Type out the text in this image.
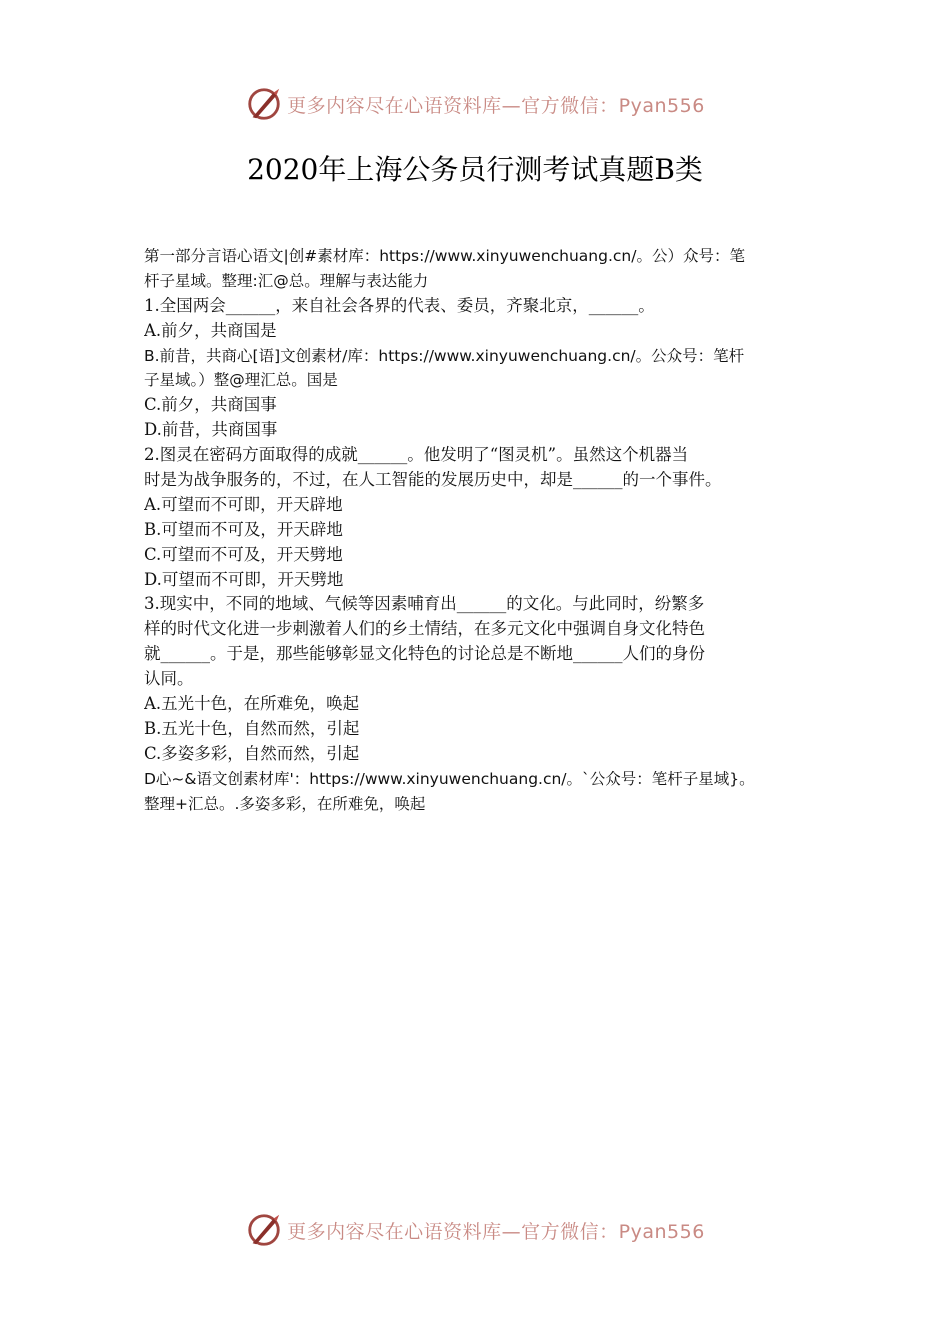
更多内容尽在心语资料库—官方微信：Pyan556
2020年上海公务员行测考试真题B类
第一部分言语心语文|创#素材库：https://www.xinyuwenchuang.cn/。公）众号：笔
杆子星域。整理:汇@总。理解与表达能力
1.全国两会______，来自社会各界的代表、委员，齐聚北京，______。
A.前夕，共商国是
B.前昔，共商心[语]文创素材/库：https://www.xinyuwenchuang.cn/。公众号：笔杆
子星域。）整@理汇总。国是
C.前夕，共商国事
D.前昔，共商国事
2.图灵在密码方面取得的成就______。他发明了“图灵机”。虽然这个机器当
时是为战争服务的，不过，在人工智能的发展历史中，却是______的一个事件。
A.可望而不可即，开天辟地
B.可望而不可及，开天辟地
C.可望而不可及，开天劈地
D.可望而不可即，开天劈地
3.现实中，不同的地域、气候等因素哺育出______的文化。与此同时，纷繁多
样的时代文化进一步刺激着人们的乡土情结，在多元文化中强调自身文化特色
就______。于是，那些能够彰显文化特色的讨论总是不断地______人们的身份
认同。
A.五光十色，在所难免，唤起
B.五光十色，自然而然，引起
C.多姿多彩，自然而然，引起
D心~&语文创素材库'：https://www.xinyuwenchuang.cn/。`公众号：笔杆子星域}。
整理+汇总。.多姿多彩，在所难免，唤起
更多内容尽在心语资料库—官方微信：Pyan556
